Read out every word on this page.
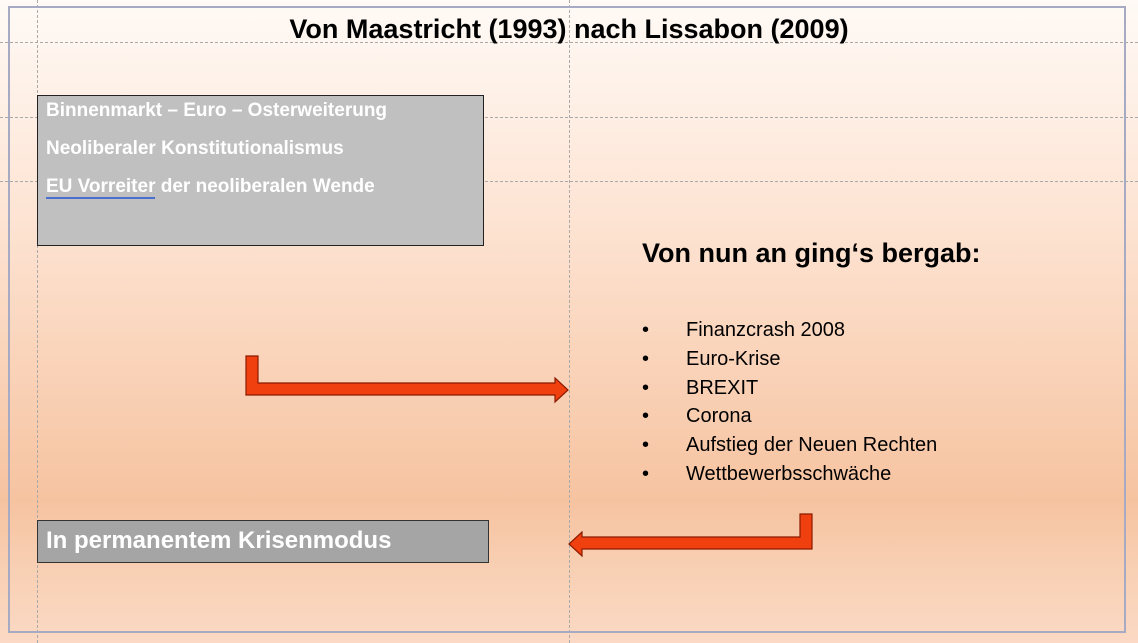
Von Maastricht (1993) nach Lissabon (2009)
Binnenmarkt – Euro – Osterweiterung
Neoliberaler Konstitutionalismus
EU Vorreiter der neoliberalen Wende
Von nun an ging‘s bergab:
• Finanzcrash 2008
• Euro-Krise
• BREXIT
• Corona
• Aufstieg der Neuen Rechten
• Wettbewerbsschwäche
In permanentem Krisenmodus
